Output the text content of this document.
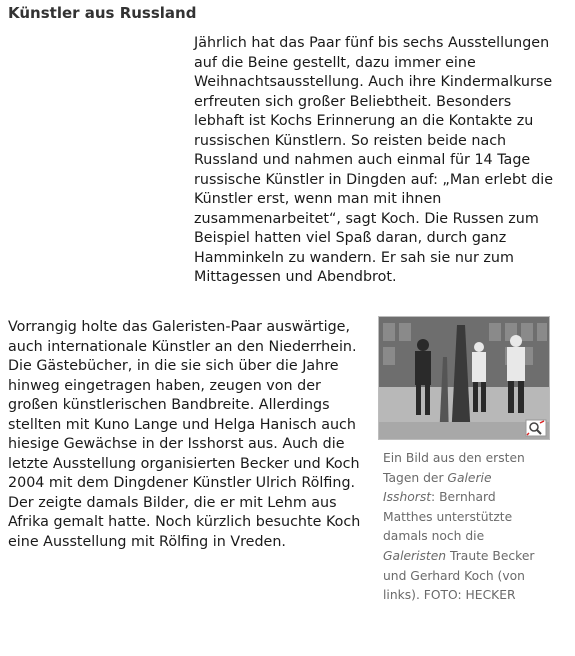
Künstler aus Russland

Jährlich hat das Paar fünf bis sechs Ausstellungen auf die Beine gestellt, dazu immer eine Weihnachtsausstellung. Auch ihre Kindermalkurse erfreuten sich großer Beliebtheit. Besonders lebhaft ist Kochs Erinnerung an die Kontakte zu russischen Künstlern. So reisten beide nach Russland und nahmen auch einmal für 14 Tage russische Künstler in Dingden auf: „Man erlebt die Künstler erst, wenn man mit ihnen zusammenarbeitet“, sagt Koch. Die Russen zum Beispiel hatten viel Spaß daran, durch ganz Hamminkeln zu wandern. Er sah sie nur zum Mittagessen und Abendbrot.

Vorrangig holte das Galeristen-Paar auswärtige, auch internationale Künstler an den Niederrhein. Die Gästebücher, in die sie sich über die Jahre hinweg eingetragen haben, zeugen von der großen künstlerischen Bandbreite. Allerdings stellten mit Kuno Lange und Helga Hanisch auch hiesige Gewächse in der Isshorst aus. Auch die letzte Ausstellung organisierten Becker und Koch 2004 mit dem Dingdener Künstler Ulrich Rölfing. Der zeigte damals Bilder, die er mit Lehm aus Afrika gemalt hatte. Noch kürzlich besuchte Koch eine Ausstellung mit Rölfing in Vreden.

Ein Bild aus den ersten Tagen der Galerie Isshorst: Bernhard Matthes unterstützte damals noch die Galeristen Traute Becker und Gerhard Koch (von links). FOTO: HECKER
